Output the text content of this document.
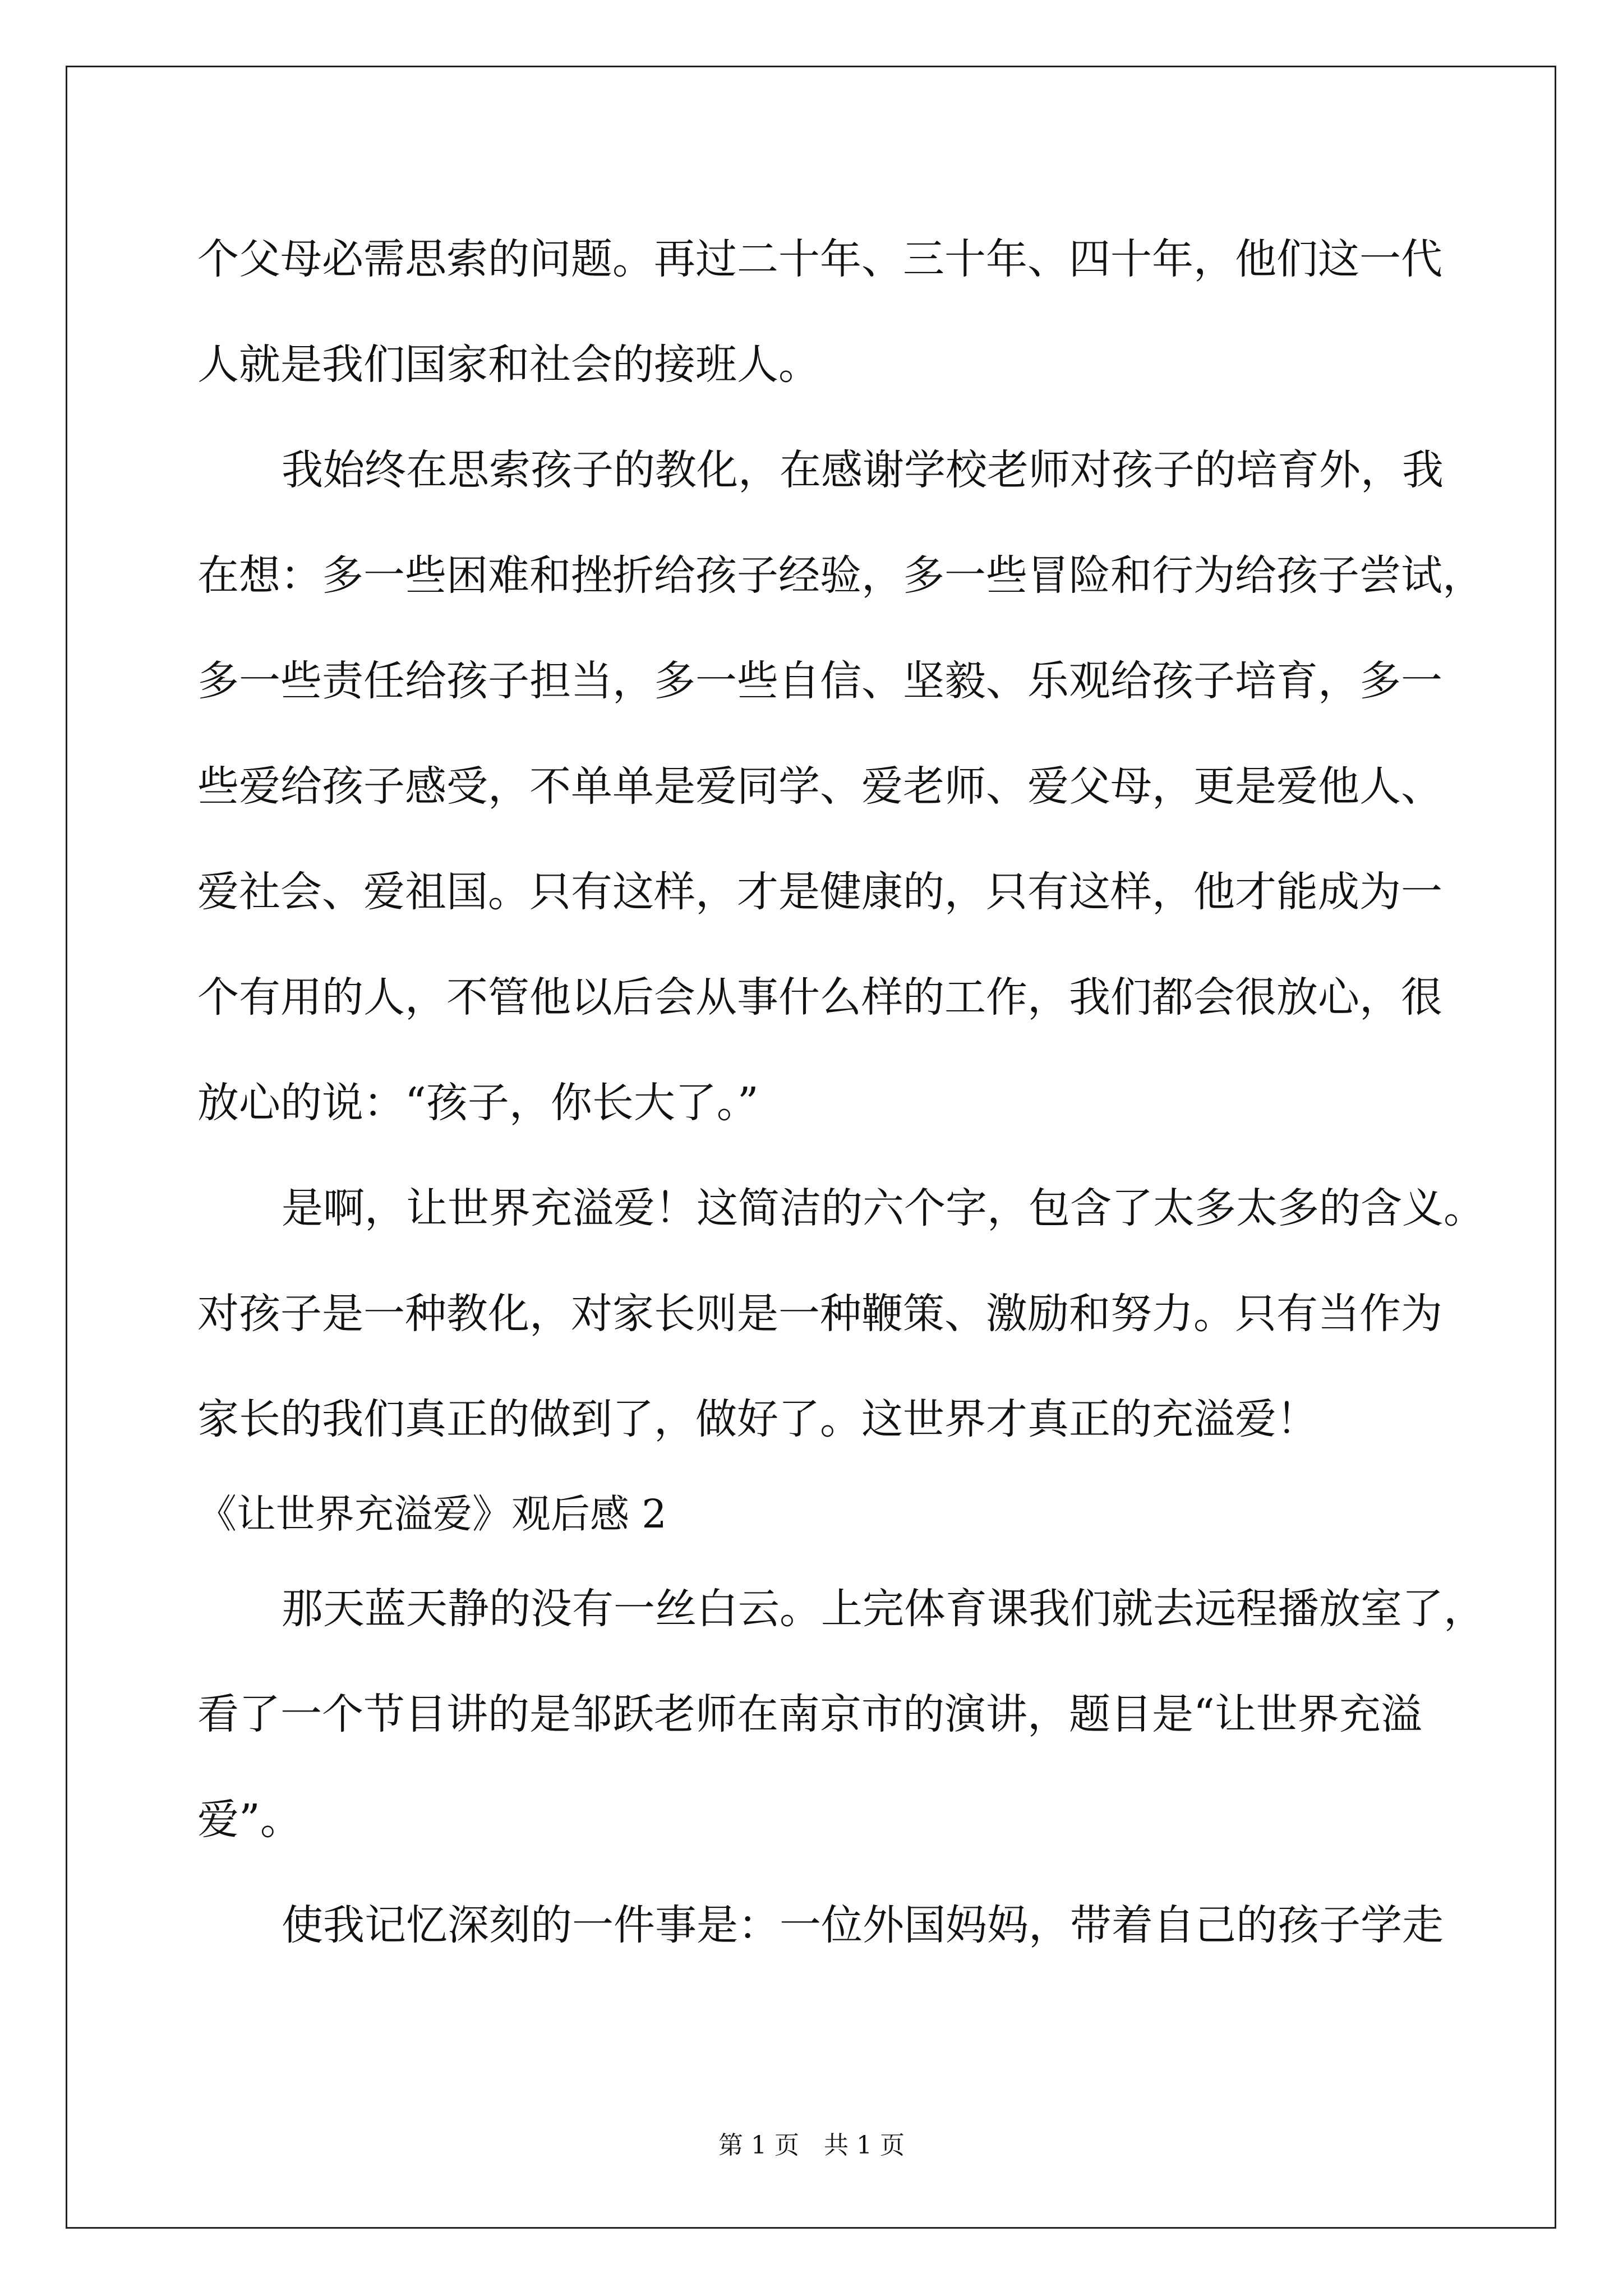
个父母必需思索的问题。再过二十年、三十年、四十年，他们这一代
人就是我们国家和社会的接班人。
我始终在思索孩子的教化，在感谢学校老师对孩子的培育外，我
在想：多一些困难和挫折给孩子经验，多一些冒险和行为给孩子尝试，
多一些责任给孩子担当，多一些自信、坚毅、乐观给孩子培育，多一
些爱给孩子感受，不单单是爱同学、爱老师、爱父母，更是爱他人、
爱社会、爱祖国。只有这样，才是健康的，只有这样，他才能成为一
个有用的人，不管他以后会从事什么样的工作，我们都会很放心，很
放心的说：“孩子，你长大了。”
是啊，让世界充溢爱！这简洁的六个字，包含了太多太多的含义。
对孩子是一种教化，对家长则是一种鞭策、激励和努力。只有当作为
家长的我们真正的做到了，做好了。这世界才真正的充溢爱！
《让世界充溢爱》观后感 2
那天蓝天静的没有一丝白云。上完体育课我们就去远程播放室了，
看了一个节目讲的是邹跃老师在南京市的演讲，题目是“让世界充溢
爱”。
使我记忆深刻的一件事是：一位外国妈妈，带着自己的孩子学走
第 1 页　共 1 页
